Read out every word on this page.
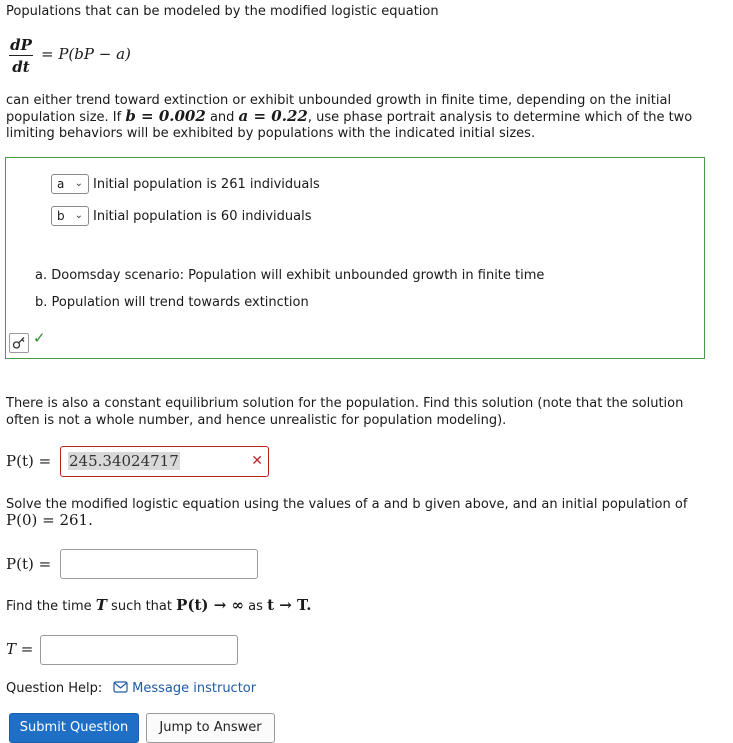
Populations that can be modeled by the modified logistic equation
dP
dt
= P(bP − a)
can either trend toward extinction or exhibit unbounded growth in finite time, depending on the initial
population size. If b = 0.002 and a = 0.22, use phase portrait analysis to determine which of the two
limiting behaviors will be exhibited by populations with the indicated initial sizes.
a ⌄ Initial population is 261 individuals
b ⌄ Initial population is 60 individuals
a. Doomsday scenario: Population will exhibit unbounded growth in finite time
b. Population will trend towards extinction
✓
There is also a constant equilibrium solution for the population. Find this solution (note that the solution
often is not a whole number, and hence unrealistic for population modeling).
P(t) = 245.34024717	✕
Solve the modified logistic equation using the values of a and b given above, and an initial population of
P(0) = 261.
P(t) =
Find the time T such that P(t) → ∞ as t → T.
T =
Question Help:	Message instructor
Submit Question	Jump to Answer
